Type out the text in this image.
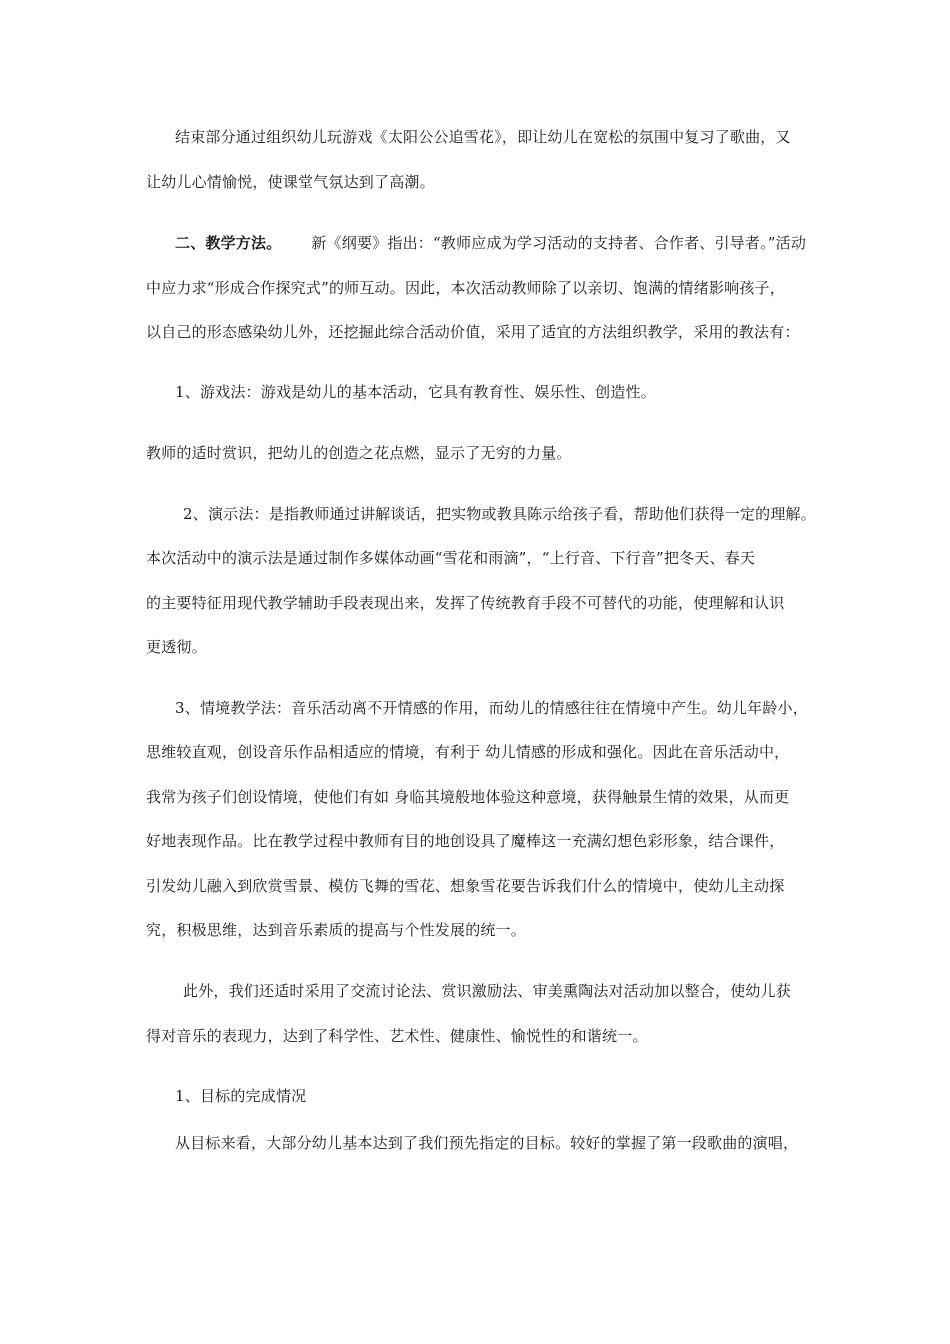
结束部分通过组织幼儿玩游戏《太阳公公追雪花》，即让幼儿在宽松的氛围中复习了歌曲，又
让幼儿心情愉悦，使课堂气氛达到了高潮。
二、教学方法。 新《纲要》指出：“教师应成为学习活动的支持者、合作者、引导者。”活动
中应力求“形成合作探究式”的师互动。因此，本次活动教师除了以亲切、饱满的情绪影响孩子，
以自己的形态感染幼儿外，还挖掘此综合活动价值，采用了适宜的方法组织教学，采用的教法有：
1、游戏法：游戏是幼儿的基本活动，它具有教育性、娱乐性、创造性。
教师的适时赏识，把幼儿的创造之花点燃，显示了无穷的力量。
2、演示法：是指教师通过讲解谈话，把实物或教具陈示给孩子看，帮助他们获得一定的理解。
本次活动中的演示法是通过制作多媒体动画“雪花和雨滴”，“上行音、下行音”把冬天、春天
的主要特征用现代教学辅助手段表现出来，发挥了传统教育手段不可替代的功能，使理解和认识
更透彻。
3、情境教学法：音乐活动离不开情感的作用，而幼儿的情感往往在情境中产生。幼儿年龄小，
思维较直观，创设音乐作品相适应的情境，有利于 幼儿情感的形成和强化。因此在音乐活动中，
我常为孩子们创设情境，使他们有如 身临其境般地体验这种意境，获得触景生情的效果，从而更
好地表现作品。比在教学过程中教师有目的地创设具了魔棒这一充满幻想色彩形象，结合课件，
引发幼儿融入到欣赏雪景、模仿飞舞的雪花、想象雪花要告诉我们什么的情境中，使幼儿主动探
究，积极思维，达到音乐素质的提高与个性发展的统一。
此外，我们还适时采用了交流讨论法、赏识激励法、审美熏陶法对活动加以整合，使幼儿获
得对音乐的表现力，达到了科学性、艺术性、健康性、愉悦性的和谐统一。
1、目标的完成情况
从目标来看，大部分幼儿基本达到了我们预先指定的目标。较好的掌握了第一段歌曲的演唱，
